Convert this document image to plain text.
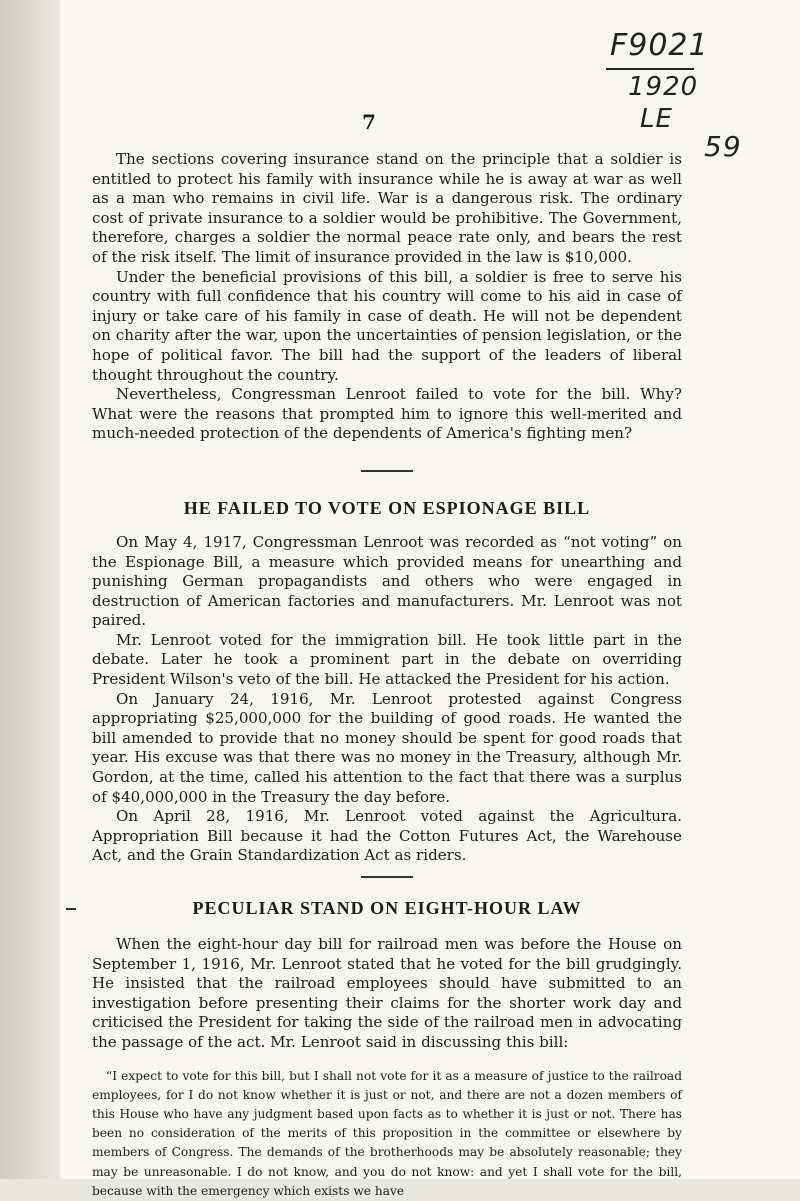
F9021
1920
LE
59
7

The sections covering insurance stand on the principle that a soldier is entitled to protect his family with insurance while he is away at war as well as a man who remains in civil life. War is a dangerous risk. The ordinary cost of private insurance to a soldier would be prohibitive. The Government, therefore, charges a soldier the normal peace rate only, and bears the rest of the risk itself. The limit of insurance provided in the law is $10,000.

Under the beneficial provisions of this bill, a soldier is free to serve his country with full confidence that his country will come to his aid in case of injury or take care of his family in case of death. He will not be dependent on charity after the war, upon the uncertainties of pension legislation, or the hope of political favor. The bill had the support of the leaders of liberal thought throughout the country.

Nevertheless, Congressman Lenroot failed to vote for the bill. Why? What were the reasons that prompted him to ignore this well-merited and much-needed protection of the dependents of America's fighting men?

HE FAILED TO VOTE ON ESPIONAGE BILL

On May 4, 1917, Congressman Lenroot was recorded as “not voting” on the Espionage Bill, a measure which provided means for unearthing and punishing German propagandists and others who were engaged in destruction of American factories and manufacturers. Mr. Lenroot was not paired.

Mr. Lenroot voted for the immigration bill. He took little part in the debate. Later he took a prominent part in the debate on overriding President Wilson's veto of the bill. He attacked the President for his action.

On January 24, 1916, Mr. Lenroot protested against Congress appropriating $25,000,000 for the building of good roads. He wanted the bill amended to provide that no money should be spent for good roads that year. His excuse was that there was no money in the Treasury, although Mr. Gordon, at the time, called his attention to the fact that there was a surplus of $40,000,000 in the Treasury the day before.

On April 28, 1916, Mr. Lenroot voted against the Agricultura. Appropriation Bill because it had the Cotton Futures Act, the Warehouse Act, and the Grain Standardization Act as riders.

PECULIAR STAND ON EIGHT-HOUR LAW

When the eight-hour day bill for railroad men was before the House on September 1, 1916, Mr. Lenroot stated that he voted for the bill grudgingly. He insisted that the railroad employees should have submitted to an investigation before presenting their claims for the shorter work day and criticised the President for taking the side of the railroad men in advocating the passage of the act. Mr. Lenroot said in discussing this bill:

“I expect to vote for this bill, but I shall not vote for it as a measure of justice to the railroad employees, for I do not know whether it is just or not, and there are not a dozen members of this House who have any judgment based upon facts as to whether it is just or not. There has been no consideration of the merits of this proposition in the committee or elsewhere by members of Congress. The demands of the brotherhoods may be absolutely reasonable; they may be unreasonable. I do not know, and you do not know: and yet I shall vote for the bill, because with the emergency which exists we have
